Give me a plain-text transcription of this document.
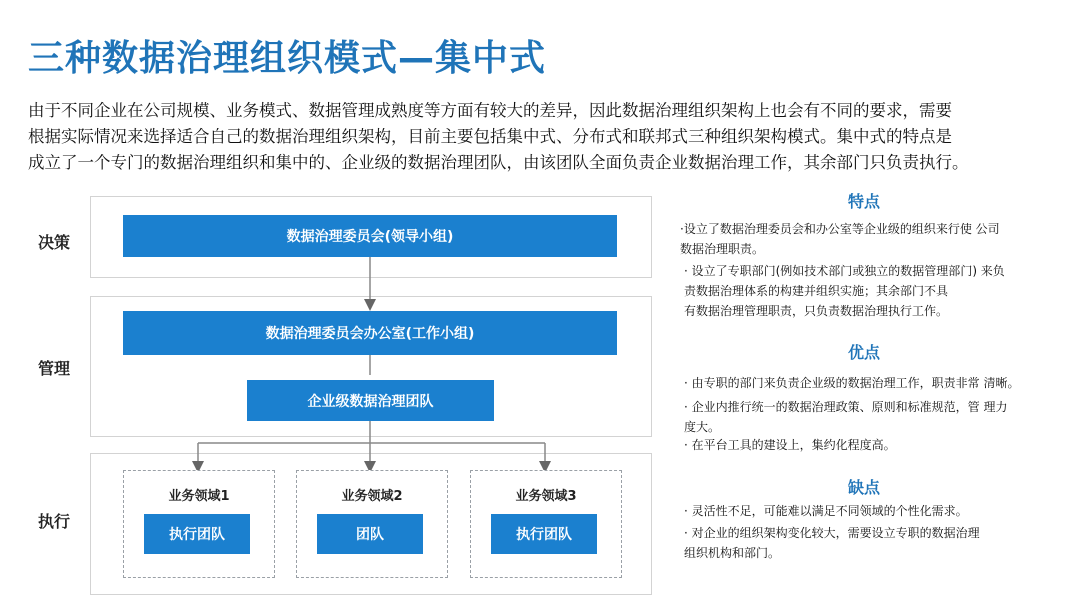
三种数据治理组织模式—集中式

由于不同企业在公司规模、业务模式、数据管理成熟度等方面有较大的差异，因此数据治理组织架构上也会有不同的要求，需要

根据实际情况来选择适合自己的数据治理组织架构，目前主要包括集中式、分布式和联邦式三种组织架构模式。集中式的特点是

成立了一个专门的数据治理组织和集中的、企业级的数据治理团队，由该团队全面负责企业数据治理工作，其余部门只负责执行。

决策
管理
执行
数据治理委员会(领导小组)
数据治理委员会办公室(工作小组)
企业级数据治理团队
业务领域1
执行团队
业务领域2
团队
业务领域3
执行团队
特点
·设立了数据治理委员会和办公室等企业级的组织来行使 公司
数据治理职责。
· 设立了专职部门(例如技术部门或独立的数据管理部门) 来负
责数据治理体系的构建并组织实施；其余部门不具
有数据治理管理职责，只负责数据治理执行工作。
优点
· 由专职的部门来负责企业级的数据治理工作，职责非常 清晰。
· 企业内推行统一的数据治理政策、原则和标准规范，管 理力
度大。
· 在平台工具的建设上，集约化程度高。
缺点
· 灵活性不足，可能难以满足不同领域的个性化需求。
· 对企业的组织架构变化较大，需要设立专职的数据治理
组织机构和部门。
